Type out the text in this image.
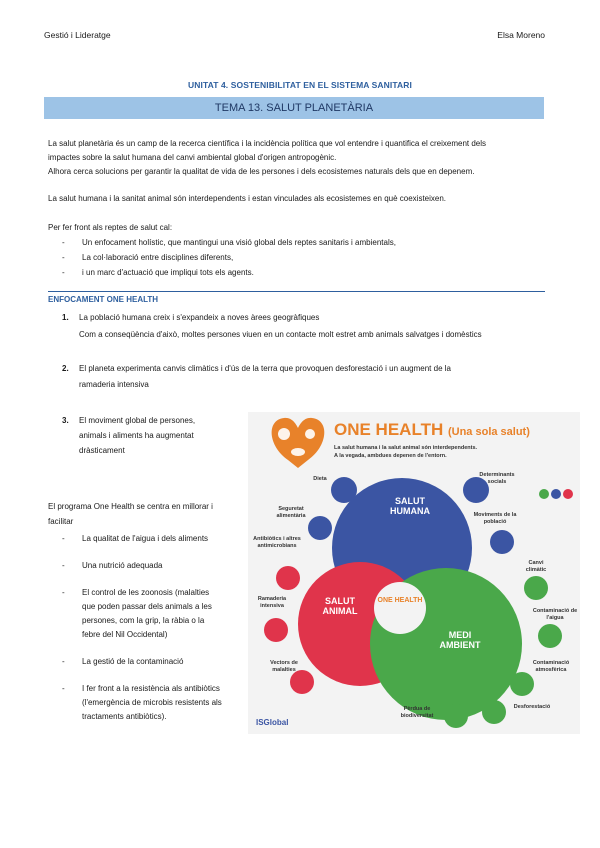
Gestió i Lideratge	Elsa Moreno
UNITAT 4. SOSTENIBILITAT EN EL SISTEMA SANITARI
TEMA 13. SALUT PLANETÀRIA
La salut planetària és un camp de la recerca científica i la incidència política que vol entendre i quantifica el creixement dels
impactes sobre la salut humana del canvi ambiental global d'origen antropogènic.
Alhora cerca solucions per garantir la qualitat de vida de les persones i dels ecosistemes naturals dels que en depenem.
La salut humana i la sanitat animal són interdependents i estan vinculades als ecosistemes en què coexisteixen.
Per fer front als reptes de salut cal:
- Un enfocament holístic, que mantingui una visió global dels reptes sanitaris i ambientals,
- La col·laboració entre disciplines diferents,
- i un marc d'actuació que impliqui tots els agents.
ENFOCAMENT ONE HEALTH
1. La població humana creix i s'expandeix a noves àrees geogràfiques
Com a conseqüència d'això, moltes persones viuen en un contacte molt estret amb animals salvatges i domèstics
2. El planeta experimenta canvis climàtics i d'ús de la terra que provoquen desforestació i un augment de la
ramaderia intensiva
3. El moviment global de persones,
animals i aliments ha augmentat
dràsticament
El programa One Health se centra en millorar i
facilitar
- La qualitat de l'aigua i dels aliments
- Una nutrició adequada
- El control de les zoonosis (malalties
que poden passar dels animals a les
persones, com la grip, la ràbia o la
febre del Nil Occidental)
- La gestió de la contaminació
- I fer front a la resistència als antibiòtics
(l'emergència de microbis resistents als
tractaments antibiòtics).
ONE HEALTH (Una sola salut)
La salut humana i la salut animal són interdependents.
A la vegada, ambdues depenen de l'entorn.
SALUT HUMANA
SALUT ANIMAL
MEDI AMBIENT
ONE HEALTH
Dieta
Seguretat alimentària
Antibiòtics i altres antimicrobians
Ramaderia intensiva
Vectors de malalties
Determinants socials
Moviments de la població
Canvi climàtic
Contaminació de l'aigua
Contaminació atmosfèrica
Desforestació
Pèrdua de biodiversitat
ISGlobal
